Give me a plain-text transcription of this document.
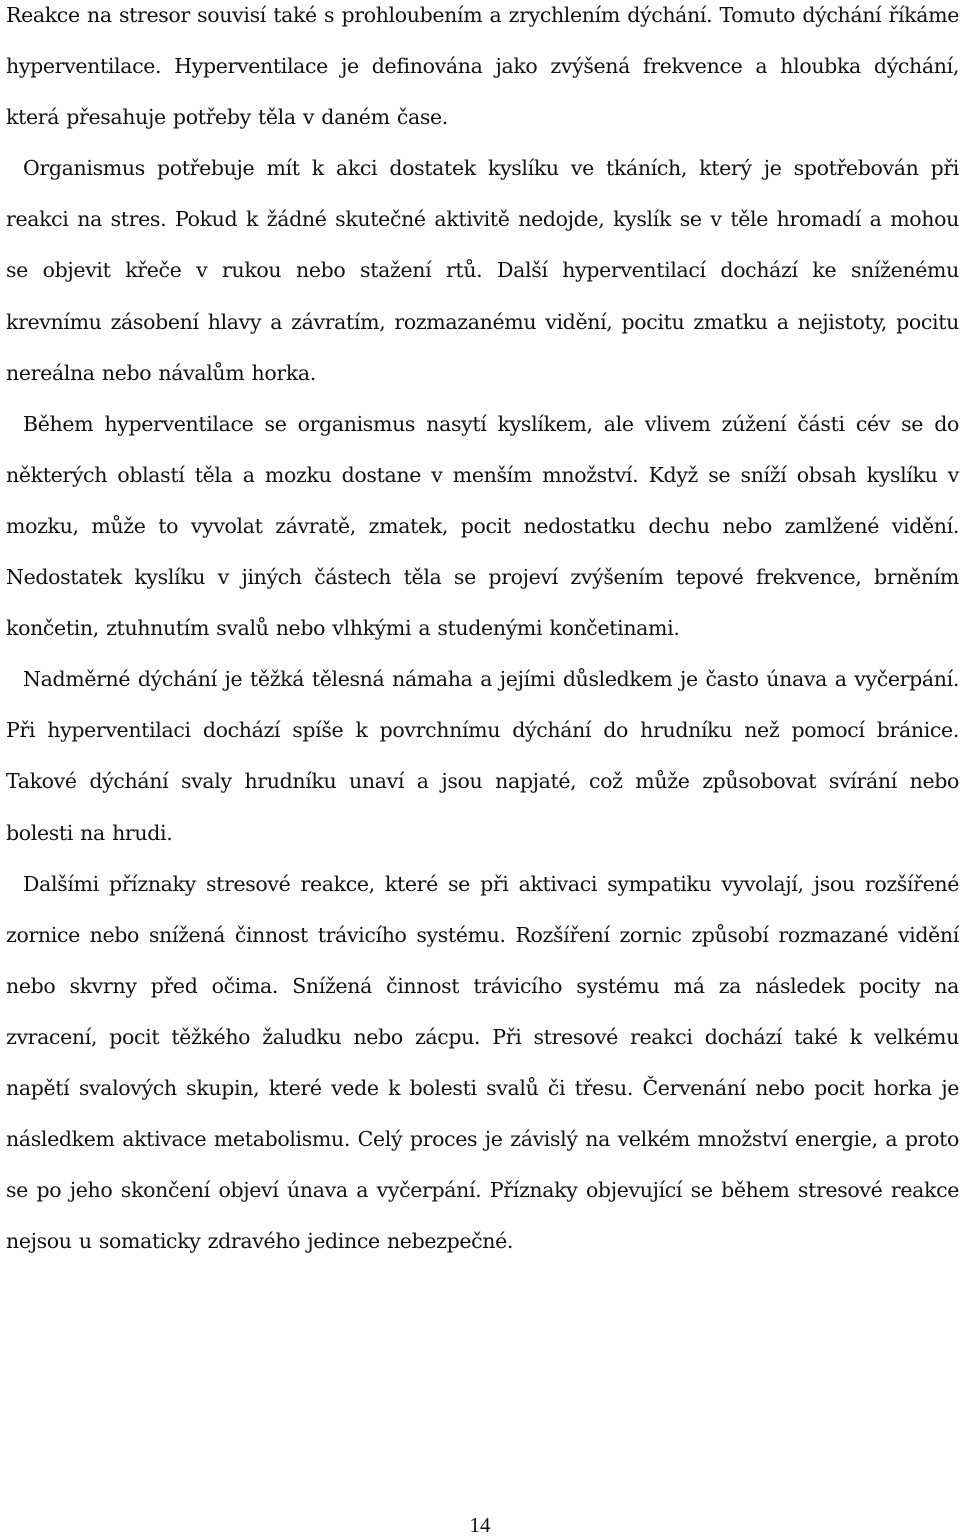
Reakce na stresor souvisí také s prohloubením a zrychlením dýchání. Tomuto dýchání říkáme hyperventilace. Hyperventilace je definována jako zvýšená frekvence a hloubka dýchání, která přesahuje potřeby těla v daném čase.

Organismus potřebuje mít k akci dostatek kyslíku ve tkáních, který je spotřebován při reakci na stres. Pokud k žádné skutečné aktivitě nedojde, kyslík se v těle hromadí a mohou se objevit křeče v rukou nebo stažení rtů. Další hyperventilací dochází ke sníženému krevnímu zásobení hlavy a závratím, rozmazanému vidění, pocitu zmatku a nejistoty, pocitu nereálna nebo návalům horka.

Během hyperventilace se organismus nasytí kyslíkem, ale vlivem zúžení části cév se do některých oblastí těla a mozku dostane v menším množství. Když se sníží obsah kyslíku v mozku, může to vyvolat závratě, zmatek, pocit nedostatku dechu nebo zamlžené vidění. Nedostatek kyslíku v jiných částech těla se projeví zvýšením tepové frekvence, brněním končetin, ztuhnutím svalů nebo vlhkými a studenými končetinami.

Nadměrné dýchání je těžká tělesná námaha a jejími důsledkem je často únava a vyčerpání. Při hyperventilaci dochází spíše k povrchnímu dýchání do hrudníku než pomocí bránice. Takové dýchání svaly hrudníku unaví a jsou napjaté, což může způsobovat svírání nebo bolesti na hrudi.

Dalšími příznaky stresové reakce, které se při aktivaci sympatiku vyvolají, jsou rozšířené zornice nebo snížená činnost trávicího systému. Rozšíření zornic způsobí rozmazané vidění nebo skvrny před očima. Snížená činnost trávicího systému má za následek pocity na zvracení, pocit těžkého žaludku nebo zácpu. Při stresové reakci dochází také k velkému napětí svalových skupin, které vede k bolesti svalů či třesu. Červenání nebo pocit horka je následkem aktivace metabolismu. Celý proces je závislý na velkém množství energie, a proto se po jeho skončení objeví únava a vyčerpání. Příznaky objevující se během stresové reakce nejsou u somaticky zdravého jedince nebezpečné.

14
